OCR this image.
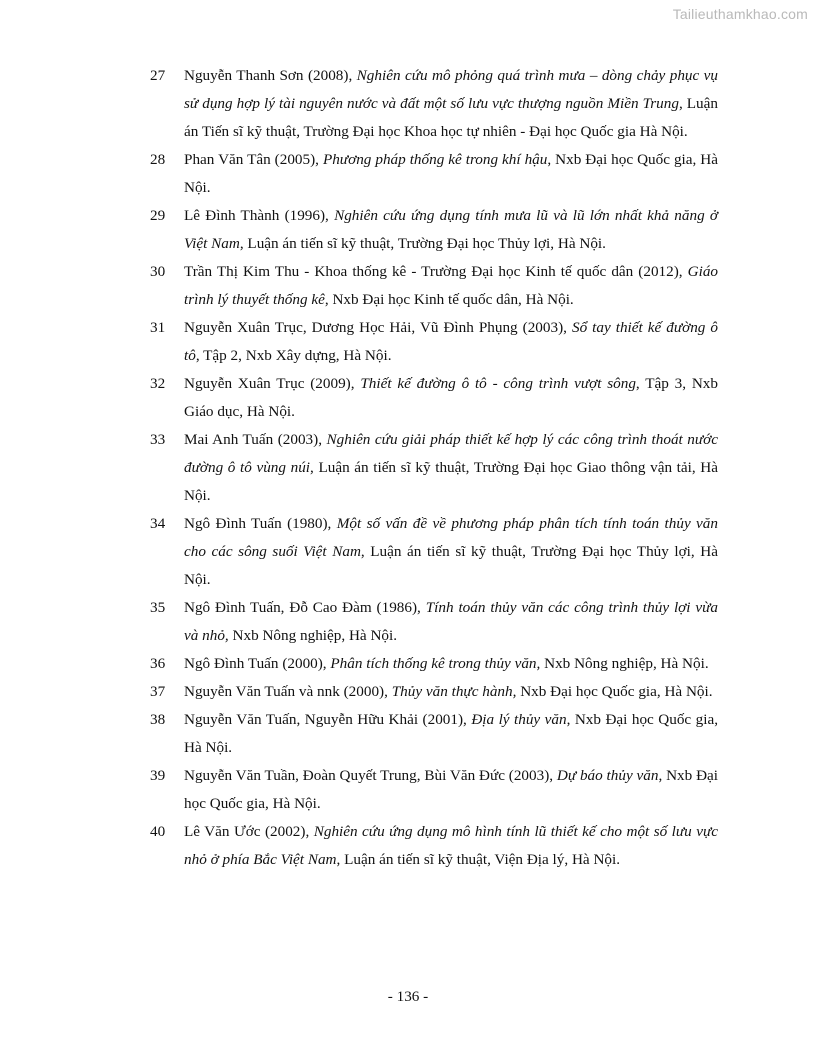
Tailieuthamkhao.com
27 Nguyễn Thanh Sơn (2008), Nghiên cứu mô phỏng quá trình mưa – dòng chảy phục vụ sử dụng hợp lý tài nguyên nước và đất một số lưu vực thượng nguồn Miền Trung, Luận án Tiến sĩ kỹ thuật, Trường Đại học Khoa học tự nhiên - Đại học Quốc gia Hà Nội.
28 Phan Văn Tân (2005), Phương pháp thống kê trong khí hậu, Nxb Đại học Quốc gia, Hà Nội.
29 Lê Đình Thành (1996), Nghiên cứu ứng dụng tính mưa lũ và lũ lớn nhất khả năng ở Việt Nam, Luận án tiến sĩ kỹ thuật, Trường Đại học Thủy lợi, Hà Nội.
30 Trần Thị Kim Thu - Khoa thống kê - Trường Đại học Kinh tế quốc dân (2012), Giáo trình lý thuyết thống kê, Nxb Đại học Kinh tế quốc dân, Hà Nội.
31 Nguyễn Xuân Trục, Dương Học Hải, Vũ Đình Phụng (2003), Sổ tay thiết kế đường ô tô, Tập 2, Nxb Xây dựng, Hà Nội.
32 Nguyễn Xuân Trục (2009), Thiết kế đường ô tô - công trình vượt sông, Tập 3, Nxb Giáo dục, Hà Nội.
33 Mai Anh Tuấn (2003), Nghiên cứu giải pháp thiết kế hợp lý các công trình thoát nước đường ô tô vùng núi, Luận án tiến sĩ kỹ thuật, Trường Đại học Giao thông vận tải, Hà Nội.
34 Ngô Đình Tuấn (1980), Một số vấn đề về phương pháp phân tích tính toán thủy văn cho các sông suối Việt Nam, Luận án tiến sĩ kỹ thuật, Trường Đại học Thủy lợi, Hà Nội.
35 Ngô Đình Tuấn, Đỗ Cao Đàm (1986), Tính toán thủy văn các công trình thủy lợi vừa và nhỏ, Nxb Nông nghiệp, Hà Nội.
36 Ngô Đình Tuấn (2000), Phân tích thống kê trong thủy văn, Nxb Nông nghiệp, Hà Nội.
37 Nguyễn Văn Tuấn và nnk (2000), Thủy văn thực hành, Nxb Đại học Quốc gia, Hà Nội.
38 Nguyễn Văn Tuấn, Nguyễn Hữu Khải (2001), Địa lý thủy văn, Nxb Đại học Quốc gia, Hà Nội.
39 Nguyễn Văn Tuần, Đoàn Quyết Trung, Bùi Văn Đức (2003), Dự báo thủy văn, Nxb Đại học Quốc gia, Hà Nội.
40 Lê Văn Ước (2002), Nghiên cứu ứng dụng mô hình tính lũ thiết kế cho một số lưu vực nhỏ ở phía Bắc Việt Nam, Luận án tiến sĩ kỹ thuật, Viện Địa lý, Hà Nội.
- 136 -
